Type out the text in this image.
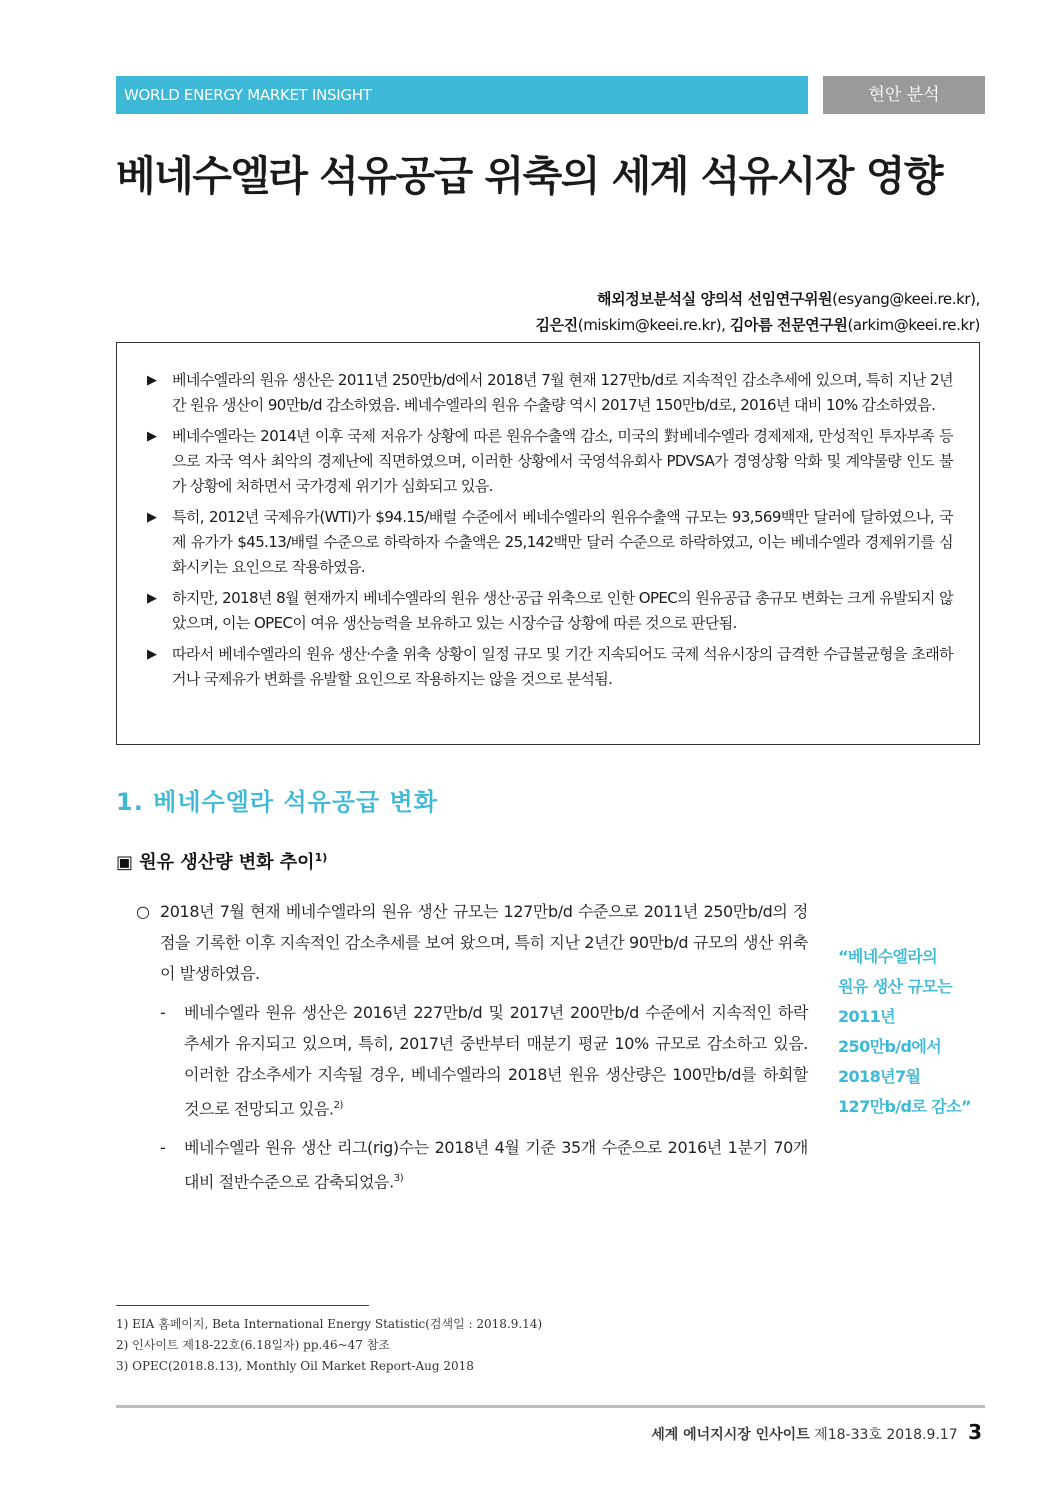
WORLD ENERGY MARKET INSIGHT	현안 분석
베네수엘라 석유공급 위축의 세계 석유시장 영향
해외정보분석실 양의석 선임연구위원(esyang@keei.re.kr),
김은진(miskim@keei.re.kr), 김아름 전문연구원(arkim@keei.re.kr)
▶ 베네수엘라의 원유 생산은 2011년 250만b/d에서 2018년 7월 현재 127만b/d로 지속적인 감소추세에 있으며, 특히 지난 2년간 원유 생산이 90만b/d 감소하였음. 베네수엘라의 원유 수출량 역시 2017년 150만b/d로, 2016년 대비 10% 감소하였음.
▶ 베네수엘라는 2014년 이후 국제 저유가 상황에 따른 원유수출액 감소, 미국의 對베네수엘라 경제제재, 만성적인 투자부족 등으로 자국 역사 최악의 경제난에 직면하였으며, 이러한 상황에서 국영석유회사 PDVSA가 경영상황 악화 및 계약물량 인도 불가 상황에 처하면서 국가경제 위기가 심화되고 있음.
▶ 특히, 2012년 국제유가(WTI)가 $94.15/배럴 수준에서 베네수엘라의 원유수출액 규모는 93,569백만 달러에 달하였으나, 국제 유가가 $45.13/배럴 수준으로 하락하자 수출액은 25,142백만 달러 수준으로 하락하였고, 이는 베네수엘라 경제위기를 심화시키는 요인으로 작용하였음.
▶ 하지만, 2018년 8월 현재까지 베네수엘라의 원유 생산·공급 위축으로 인한 OPEC의 원유공급 총규모 변화는 크게 유발되지 않았으며, 이는 OPEC이 여유 생산능력을 보유하고 있는 시장수급 상황에 따른 것으로 판단됨.
▶ 따라서 베네수엘라의 원유 생산·수출 위축 상황이 일정 규모 및 기간 지속되어도 국제 석유시장의 급격한 수급불균형을 초래하거나 국제유가 변화를 유발할 요인으로 작용하지는 않을 것으로 분석됨.
1. 베네수엘라 석유공급 변화
▣ 원유 생산량 변화 추이$^{1)}$
○ 2018년 7월 현재 베네수엘라의 원유 생산 규모는 127만b/d 수준으로 2011년 250만b/d의 정점을 기록한 이후 지속적인 감소추세를 보여 왔으며, 특히 지난 2년간 90만b/d 규모의 생산 위축이 발생하였음.
- 베네수엘라 원유 생산은 2016년 227만b/d 및 2017년 200만b/d 수준에서 지속적인 하락추세가 유지되고 있으며, 특히, 2017년 중반부터 매분기 평균 10% 규모로 감소하고 있음. 이러한 감소추세가 지속될 경우, 베네수엘라의 2018년 원유 생산량은 100만b/d를 하회할 것으로 전망되고 있음.$^{2)}$
- 베네수엘라 원유 생산 리그(rig)수는 2018년 4월 기준 35개 수준으로 2016년 1분기 70개 대비 절반수준으로 감축되었음.$^{3)}$
“베네수엘라의
원유 생산 규모는
2011년
250만b/d에서
2018년7월
127만b/d로 감소”
1) EIA 홈페이지, Beta International Energy Statistic(검색일 : 2018.9.14)
2) 인사이트 제18-22호(6.18일자) pp.46~47 참조
3) OPEC(2018.8.13), Monthly Oil Market Report-Aug 2018
세계 에너지시장 인사이트 제18-33호 2018.9.17 3
